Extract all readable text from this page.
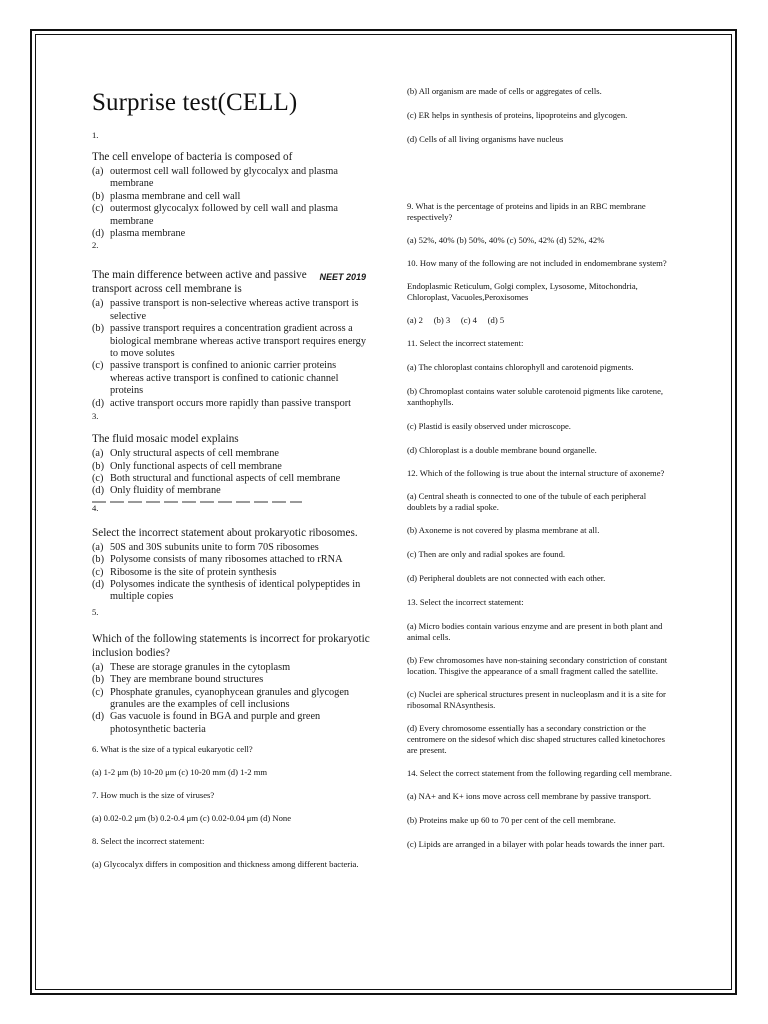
Surprise test(CELL)
1.
The cell envelope of bacteria is composed of
(a) outermost cell wall followed by glycocalyx and plasma membrane
(b) plasma membrane and cell wall
(c) outermost glycocalyx followed by cell wall and plasma membrane
(d) plasma membrane
2.
NEET 2019
The main difference between active and passive transport across cell membrane is
(a) passive transport is non-selective whereas active transport is selective
(b) passive transport requires a concentration gradient across a biological membrane whereas active transport requires energy to move solutes
(c) passive transport is confined to anionic carrier proteins whereas active transport is confined to cationic channel proteins
(d) active transport occurs more rapidly than passive transport
3.
The fluid mosaic model explains
(a) Only structural aspects of cell membrane
(b) Only functional aspects of cell membrane
(c) Both structural and functional aspects of cell membrane
(d) Only fluidity of membrane
4.
Select the incorrect statement about prokaryotic ribosomes.
(a) 50S and 30S subunits unite to form 70S ribosomes
(b) Polysome consists of many ribosomes attached to rRNA
(c) Ribosome is the site of protein synthesis
(d) Polysomes indicate the synthesis of identical polypeptides in multiple copies
5.
Which of the following statements is incorrect for prokaryotic inclusion bodies?
(a) These are storage granules in the cytoplasm
(b) They are membrane bound structures
(c) Phosphate granules, cyanophycean granules and glycogen granules are the examples of cell inclusions
(d) Gas vacuole is found in BGA and purple and green photosynthetic bacteria

6. What is the size of a typical eukaryotic cell?

(a) 1-2 μm (b) 10-20 μm (c) 10-20 mm (d) 1-2 mm

7. How much is the size of viruses?

(a) 0.02-0.2 μm (b) 0.2-0.4 μm (c) 0.02-0.04 μm (d) None

8. Select the incorrect statement:

(a) Glycocalyx differs in composition and thickness among different bacteria.

(b) All organism are made of cells or aggregates of cells.

(c) ER helps in synthesis of proteins, lipoproteins and glycogen.

(d) Cells of all living organisms have nucleus

9. What is the percentage of proteins and lipids in an RBC membrane respectively?

(a) 52%, 40% (b) 50%, 40% (c) 50%, 42% (d) 52%, 42%

10. How many of the following are not included in endomembrane system?

Endoplasmic Reticulum, Golgi complex, Lysosome, Mitochondria, Chloroplast, Vacuoles,Peroxisomes

(a) 2     (b) 3     (c) 4     (d) 5

11. Select the incorrect statement:

(a) The chloroplast contains chlorophyll and carotenoid pigments.

(b) Chromoplast contains water soluble carotenoid pigments like carotene, xanthophylls.

(c) Plastid is easily observed under microscope.

(d) Chloroplast is a double membrane bound organelle.

12. Which of the following is true about the internal structure of axoneme?

(a) Central sheath is connected to one of the tubule of each peripheral doublets by a radial spoke.

(b) Axoneme is not covered by plasma membrane at all.

(c) Then are only and radial spokes are found.

(d) Peripheral doublets are not connected with each other.

13. Select the incorrect statement:

(a) Micro bodies contain various enzyme and are present in both plant and animal cells.

(b) Few chromosomes have non-staining secondary constriction of constant location. Thisgive the appearance of a small fragment called the satellite.

(c) Nuclei are spherical structures present in nucleoplasm and it is a site for ribosomal RNAsynthesis.

(d) Every chromosome essentially has a secondary constriction or the centromere on the sidesof which disc shaped structures called kinetochores are present.

14. Select the correct statement from the following regarding cell membrane.

(a) NA+ and K+ ions move across cell membrane by passive transport.

(b) Proteins make up 60 to 70 per cent of the cell membrane.

(c) Lipids are arranged in a bilayer with polar heads towards the inner part.
